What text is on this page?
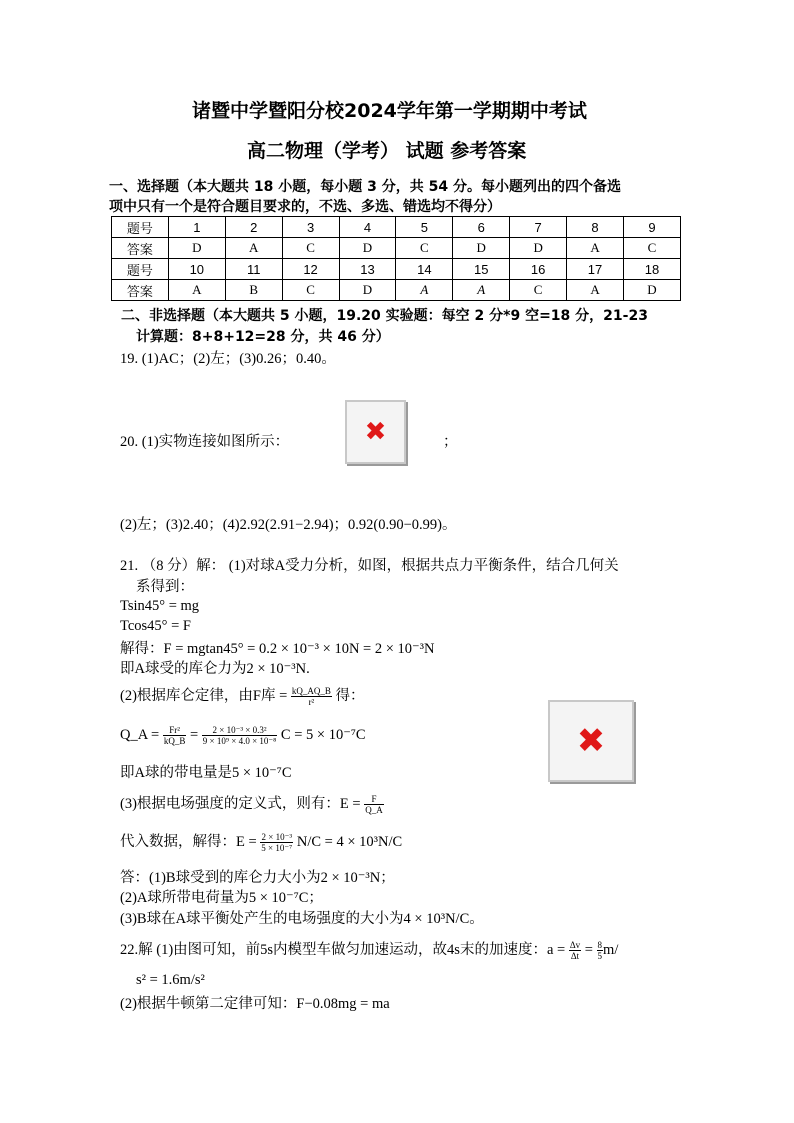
诸暨中学暨阳分校2024学年第一学期期中考试
高二物理（学考） 试题 参考答案
一、选择题（本大题共 18 小题，每小题 3 分，共 54 分。每小题列出的四个备选
项中只有一个是符合题目要求的，不选、多选、错选均不得分）
题号	1	2	3	4	5	6	7	8	9
答案	D	A	C	D	C	D	D	A	C
题号	10	11	12	13	14	15	16	17	18
答案	A	B	C	D	A	A	C	A	D
二、非选择题（本大题共 5 小题，19.20 实验题：每空 2 分*9 空=18 分，21-23
计算题：8+8+12=28 分，共 46 分）
19. (1)AC；(2)左；(3)0.26；0.40。
20. (1)实物连接如图所示：	✖	；
(2)左；(3)2.40；(4)2.92(2.91−2.94)；0.92(0.90−0.99)。
21. （8 分）解： (1)对球A受力分析，如图，根据共点力平衡条件，结合几何关
系得到：
Tsin45° = mg
Tcos45° = F
解得：F = mgtan45° = 0.2 × 10⁻³ × 10N = 2 × 10⁻³N
即A球受的库仑力为2 × 10⁻³N.
(2)根据库仑定律，由F库 = $\frac{kQ\_AQ\_B}{\text{r²}}$ 得：
✖
Q_A = $\frac{\text{Fr²}}{kQ\_B} = \frac{\text{2 × 10⁻³ × 0.3²}}{\text{9 × 10⁹ × 4.0 × 10⁻⁸}}$ C = 5 × 10⁻⁷C
即A球的带电量是5 × 10⁻⁷C
(3)根据电场强度的定义式，则有：$E = \frac{F}{Q\_A}$
代入数据，解得：$E = \frac{\text{2 × 10⁻³}}{\text{5 × 10⁻⁷}} N/C = 4 \times 10^3N/C$
答：(1)B球受到的库仑力大小为2 × 10⁻³N；
(2)A球所带电荷量为5 × 10⁻⁷C；
(3)B球在A球平衡处产生的电场强度的大小为4 × 10³N/C。
22.解 (1)由图可知，前5s内模型车做匀加速运动，故4s末的加速度：$a = \frac{\Delta v}{\Delta t} = \frac{8}{5} m/$
s² = 1.6m/s²
(2)根据牛顿第二定律可知：F−0.08mg = ma
